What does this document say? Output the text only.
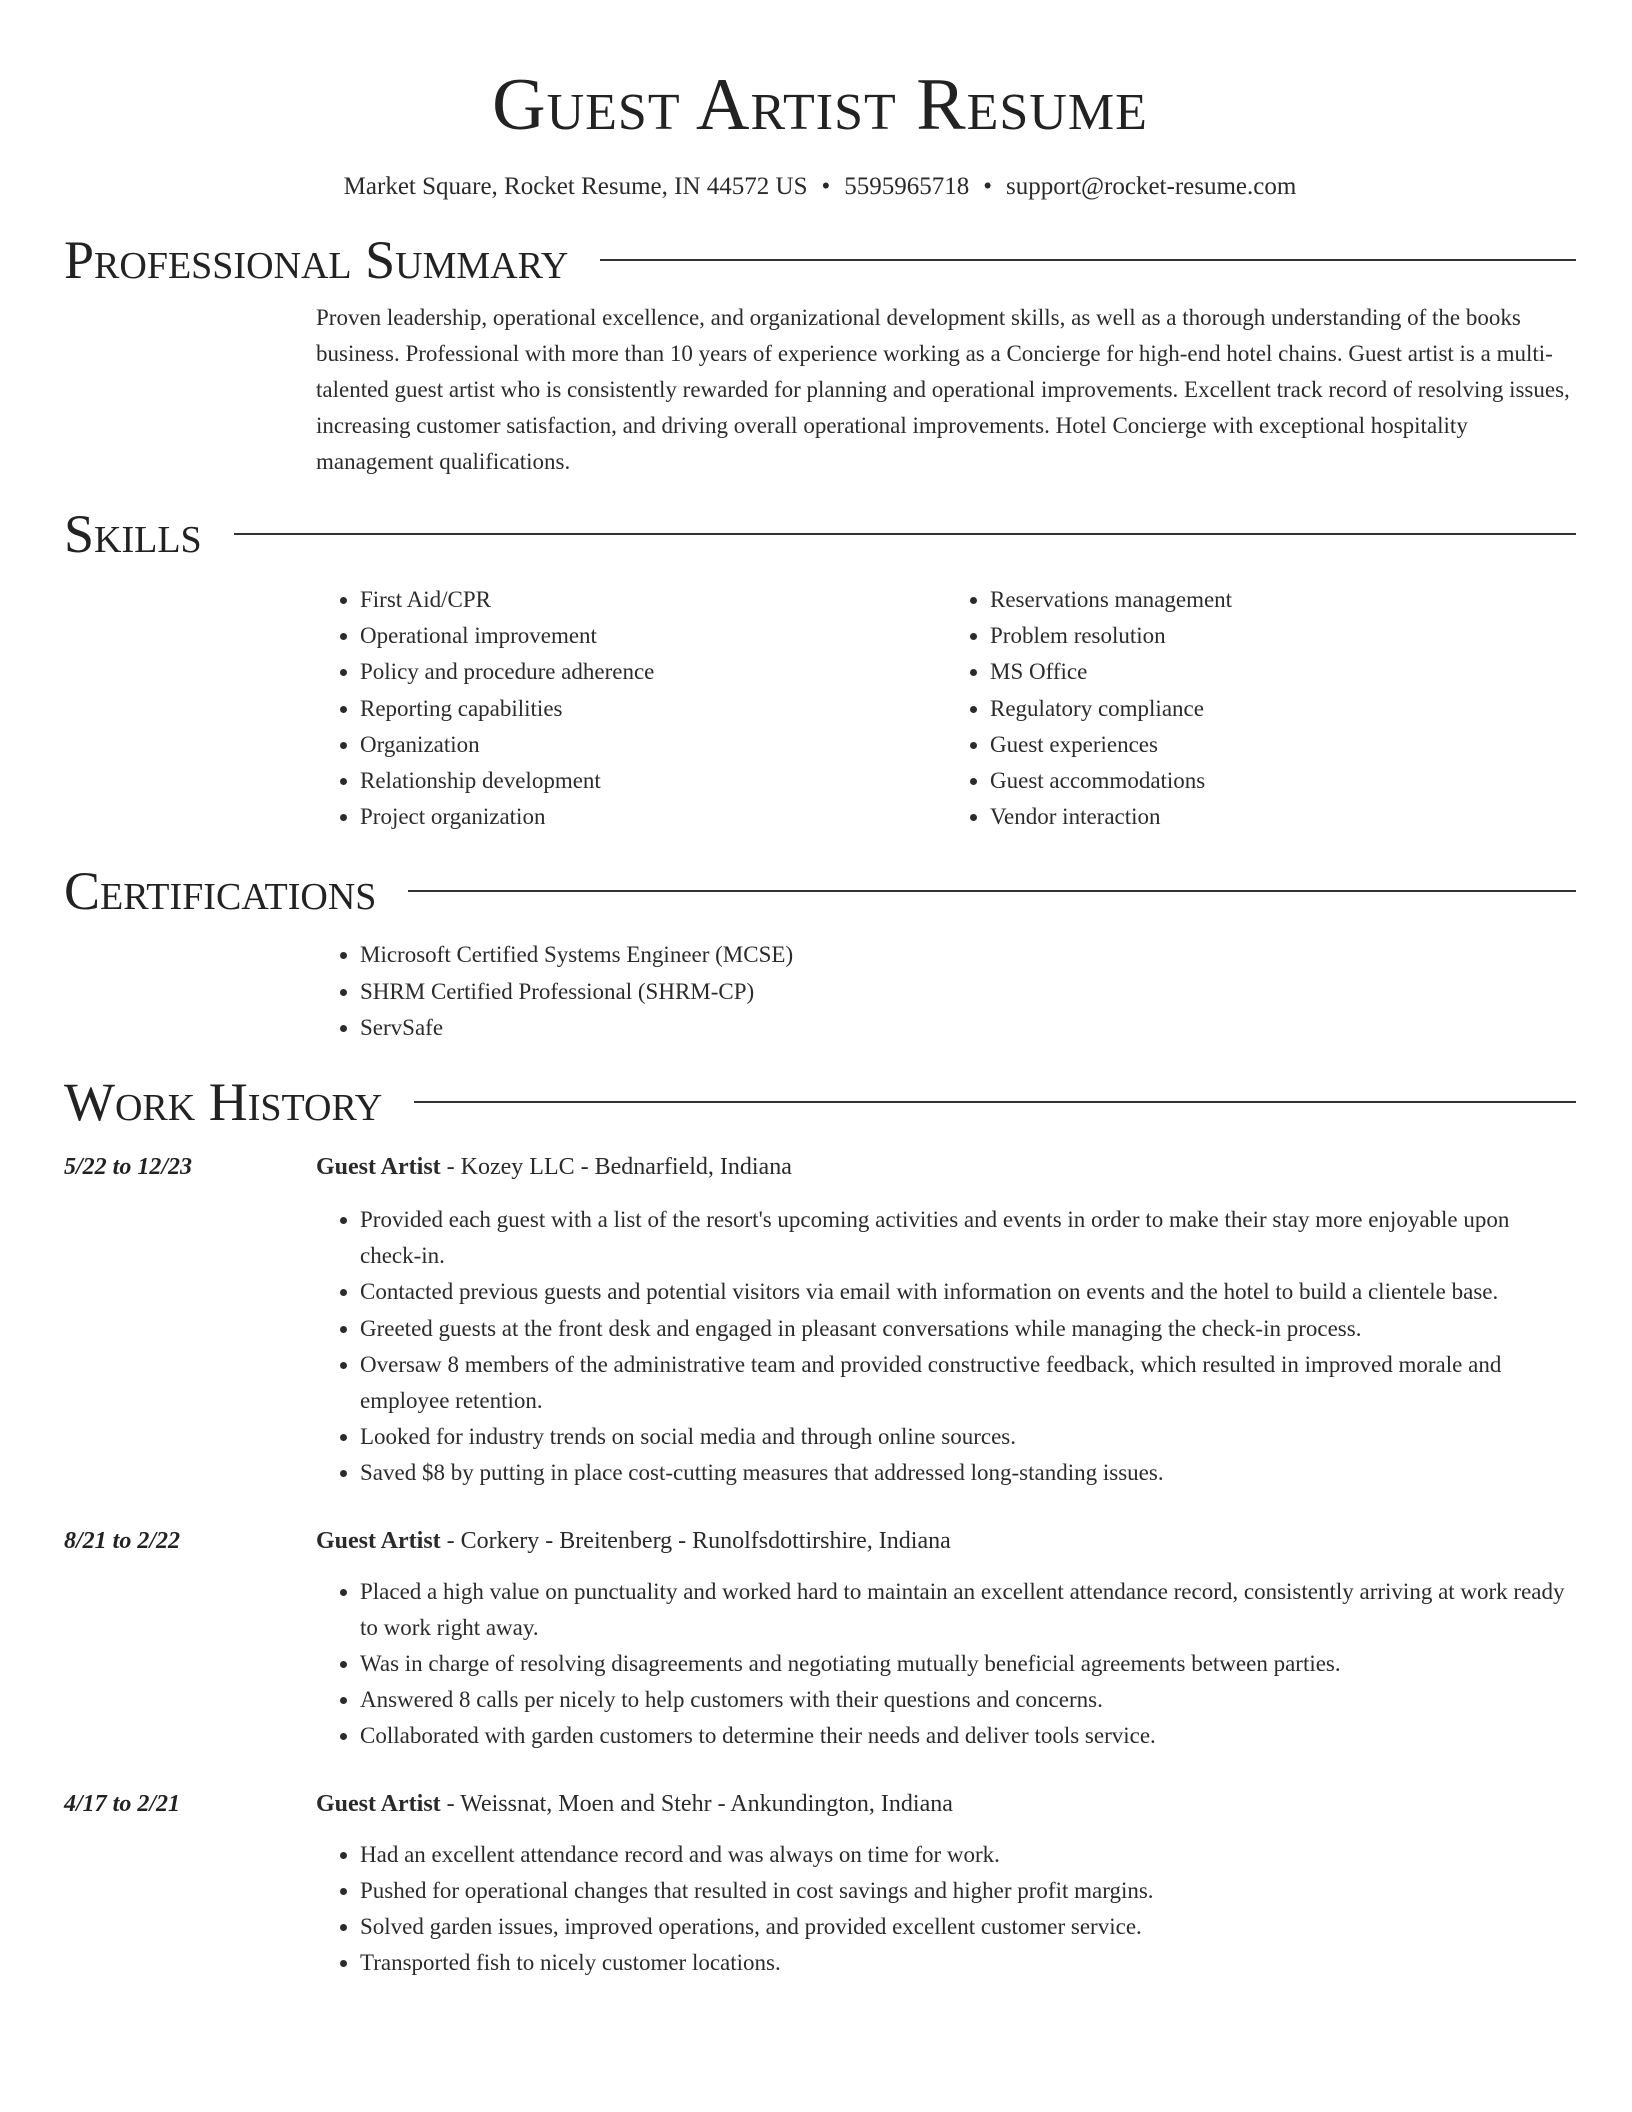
Guest Artist Resume
Market Square, Rocket Resume, IN 44572 US • 5595965718 • support@rocket-resume.com
Professional Summary

Proven leadership, operational excellence, and organizational development skills, as well as a thorough understanding of the books business. Professional with more than 10 years of experience working as a Concierge for high-end hotel chains. Guest artist is a multi-talented guest artist who is consistently rewarded for planning and operational improvements. Excellent track record of resolving issues, increasing customer satisfaction, and driving overall operational improvements. Hotel Concierge with exceptional hospitality management qualifications.

Skills
• First Aid/CPR
• Operational improvement
• Policy and procedure adherence
• Reporting capabilities
• Organization
• Relationship development
• Project organization
• Reservations management
• Problem resolution
• MS Office
• Regulatory compliance
• Guest experiences
• Guest accommodations
• Vendor interaction
Certifications
• Microsoft Certified Systems Engineer (MCSE)
• SHRM Certified Professional (SHRM-CP)
• ServSafe
Work History
5/22 to 12/23	Guest Artist - Kozey LLC - Bednarfield, Indiana
• Provided each guest with a list of the resort's upcoming activities and events in order to make their stay more enjoyable upon check-in.
• Contacted previous guests and potential visitors via email with information on events and the hotel to build a clientele base.
• Greeted guests at the front desk and engaged in pleasant conversations while managing the check-in process.
• Oversaw 8 members of the administrative team and provided constructive feedback, which resulted in improved morale and employee retention.
• Looked for industry trends on social media and through online sources.
• Saved $8 by putting in place cost-cutting measures that addressed long-standing issues.
8/21 to 2/22	Guest Artist - Corkery - Breitenberg - Runolfsdottirshire, Indiana
• Placed a high value on punctuality and worked hard to maintain an excellent attendance record, consistently arriving at work ready to work right away.
• Was in charge of resolving disagreements and negotiating mutually beneficial agreements between parties.
• Answered 8 calls per nicely to help customers with their questions and concerns.
• Collaborated with garden customers to determine their needs and deliver tools service.
4/17 to 2/21	Guest Artist - Weissnat, Moen and Stehr - Ankundington, Indiana
• Had an excellent attendance record and was always on time for work.
• Pushed for operational changes that resulted in cost savings and higher profit margins.
• Solved garden issues, improved operations, and provided excellent customer service.
• Transported fish to nicely customer locations.
